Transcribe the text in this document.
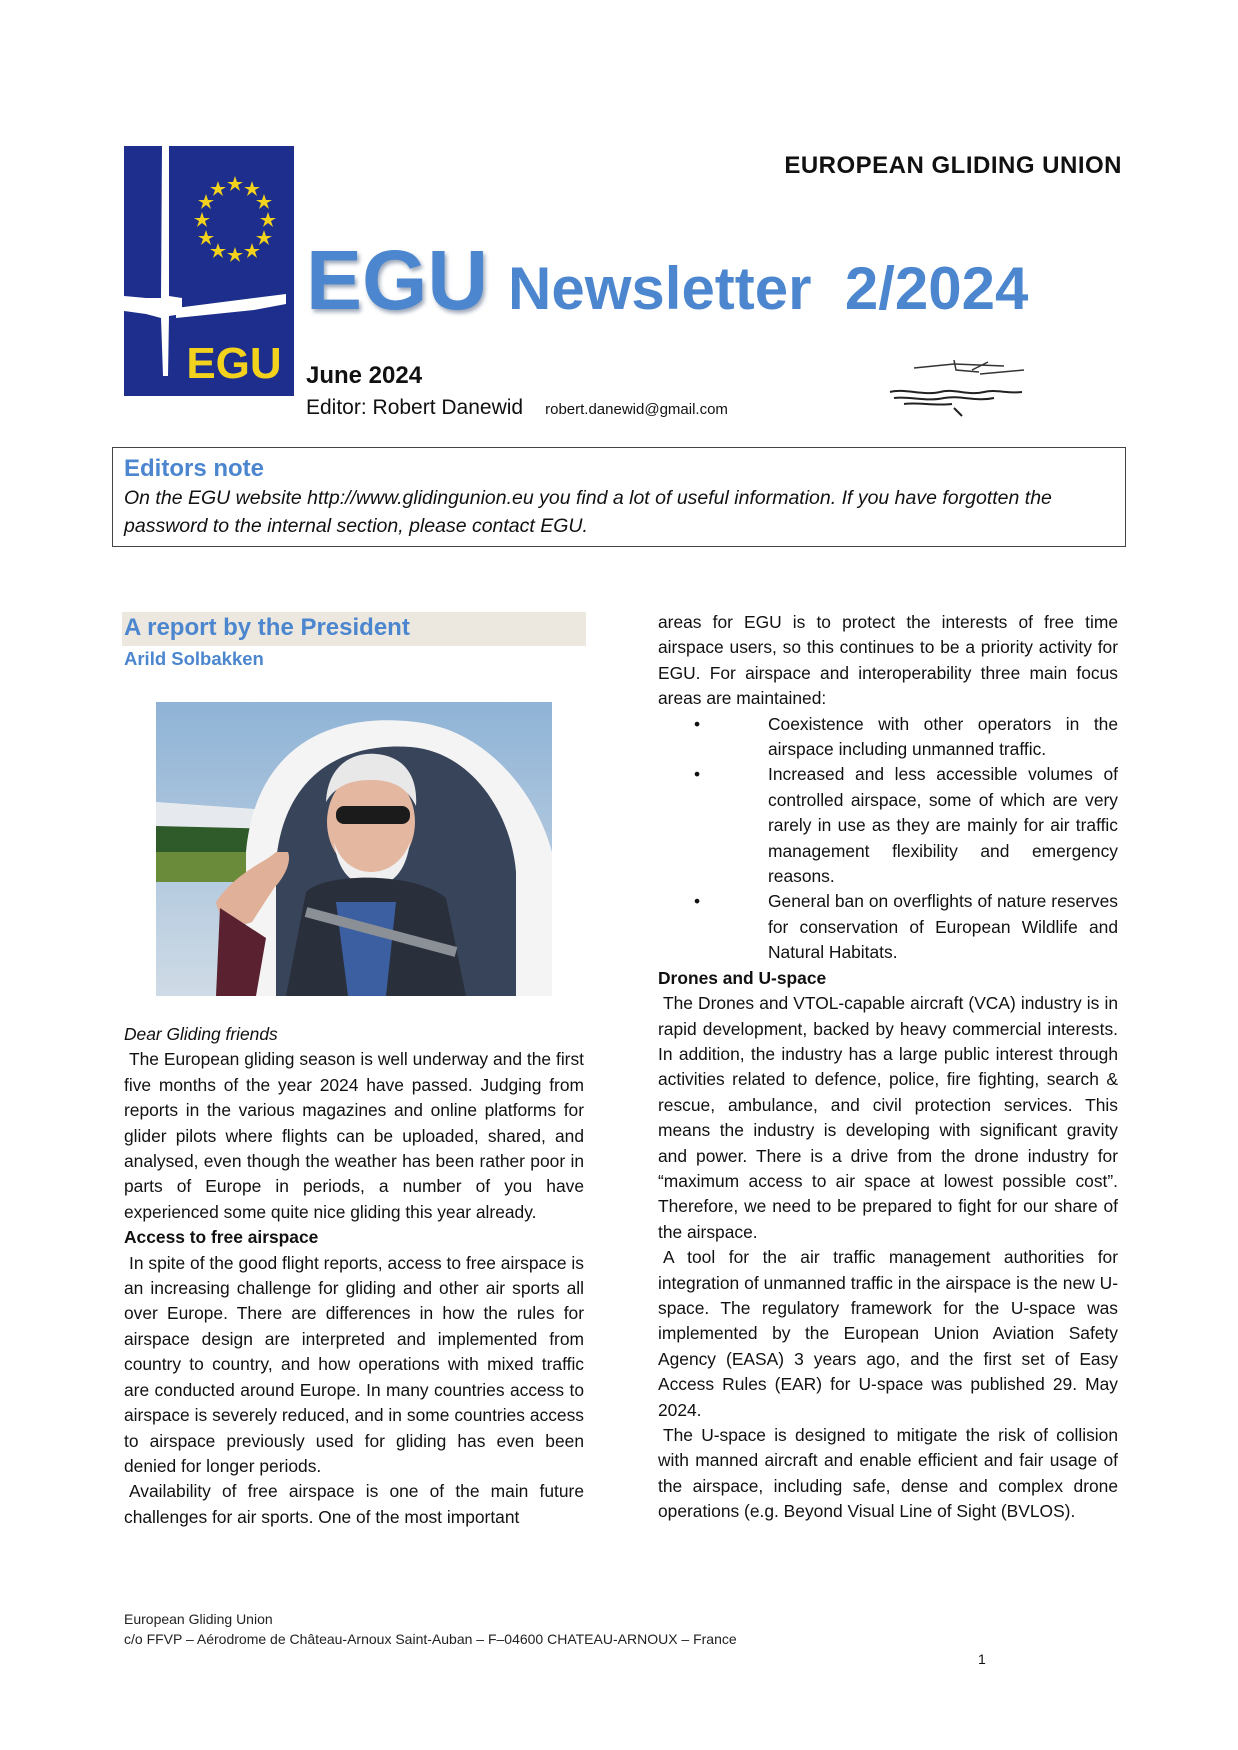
EGU
EUROPEAN GLIDING UNION
EGU Newsletter  2/2024
June 2024
Editor: Robert Danewid robert.danewid@gmail.com
Editors note
On the EGU website http://www.glidingunion.eu you find a lot of useful information. If you have forgotten the password to the internal section, please contact EGU.
A report by the President
Arild Solbakken

Dear Gliding friends

The European gliding season is well underway and the first five months of the year 2024 have passed. Judging from reports in the various magazines and online platforms for glider pilots where flights can be uploaded, shared, and analysed, even though the weather has been rather poor in parts of Europe in periods, a number of you have experienced some quite nice gliding this year already.

Access to free airspace

In spite of the good flight reports, access to free airspace is an increasing challenge for gliding and other air sports all over Europe. There are differences in how the rules for airspace design are interpreted and implemented from country to country, and how operations with mixed traffic are conducted around Europe. In many countries access to airspace is severely reduced, and in some countries access to airspace previously used for gliding has even been denied for longer periods.

Availability of free airspace is one of the main future challenges for air sports. One of the most important

areas for EGU is to protect the interests of free time airspace users, so this continues to be a priority activity for EGU. For airspace and interoperability three main focus areas are maintained:

•	Coexistence with other operators in the airspace including unmanned traffic.
•	Increased and less accessible volumes of controlled airspace, some of which are very rarely in use as they are mainly for air traffic management flexibility and emergency reasons.
•	General ban on overflights of nature reserves for conservation of European Wildlife and Natural Habitats.

Drones and U-space

The Drones and VTOL-capable aircraft (VCA) industry is in rapid development, backed by heavy commercial interests. In addition, the industry has a large public interest through activities related to defence, police, fire fighting, search & rescue, ambulance, and civil protection services. This means the industry is developing with significant gravity and power. There is a drive from the drone industry for “maximum access to air space at lowest possible cost”. Therefore, we need to be prepared to fight for our share of the airspace.

A tool for the air traffic management authorities for integration of unmanned traffic in the airspace is the new U-space. The regulatory framework for the U-space was implemented by the European Union Aviation Safety Agency (EASA) 3 years ago, and the first set of Easy Access Rules (EAR) for U-space was published 29. May 2024.

The U-space is designed to mitigate the risk of collision with manned aircraft and enable efficient and fair usage of the airspace, including safe, dense and complex drone operations (e.g. Beyond Visual Line of Sight (BVLOS).

European Gliding Union
c/o FFVP – Aérodrome de Château-Arnoux Saint-Auban – F–04600 CHATEAU-ARNOUX – France
1
